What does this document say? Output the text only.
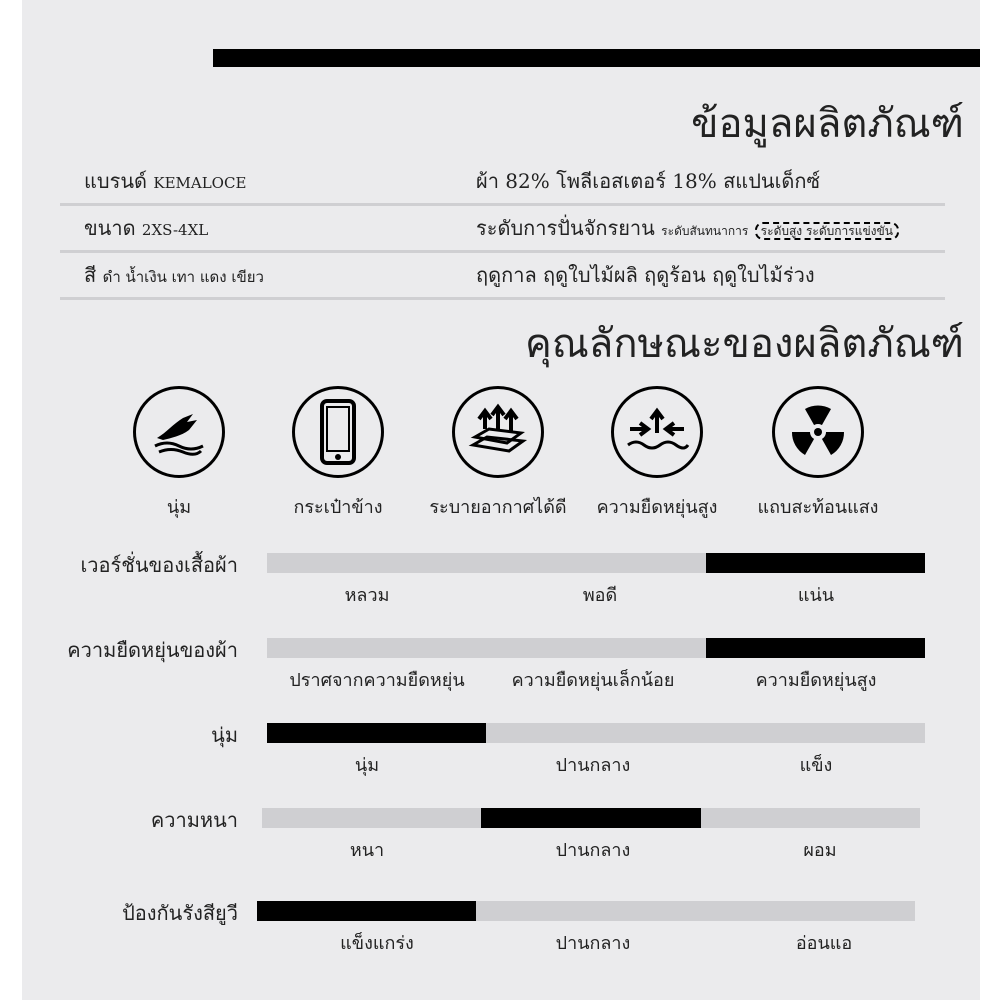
ข้อมูลผลิตภัณฑ์
แบรนด์ KEMALOCE	ผ้า 82% โพลีเอสเตอร์ 18% สแปนเด็กซ์
ขนาด 2XS-4XL	ระดับการปั่นจักรยาน ระดับสันทนาการ ระดับสูง ระดับการแข่งขัน
สี ดำ น้ำเงิน เทา แดง เขียว	ฤดูกาล ฤดูใบไม้ผลิ ฤดูร้อน ฤดูใบไม้ร่วง
คุณลักษณะของผลิตภัณฑ์
นุ่ม	กระเป๋าข้าง	ระบายอากาศได้ดี	ความยืดหยุ่นสูง	แถบสะท้อนแสง
เวอร์ชั่นของเสื้อผ้า
หลวม	พอดี	แน่น
ความยืดหยุ่นของผ้า
ปราศจากความยืดหยุ่น	ความยืดหยุ่นเล็กน้อย	ความยืดหยุ่นสูง
นุ่ม
นุ่ม	ปานกลาง	แข็ง
ความหนา
หนา	ปานกลาง	ผอม
ป้องกันรังสียูวี
แข็งแกร่ง	ปานกลาง	อ่อนแอ
